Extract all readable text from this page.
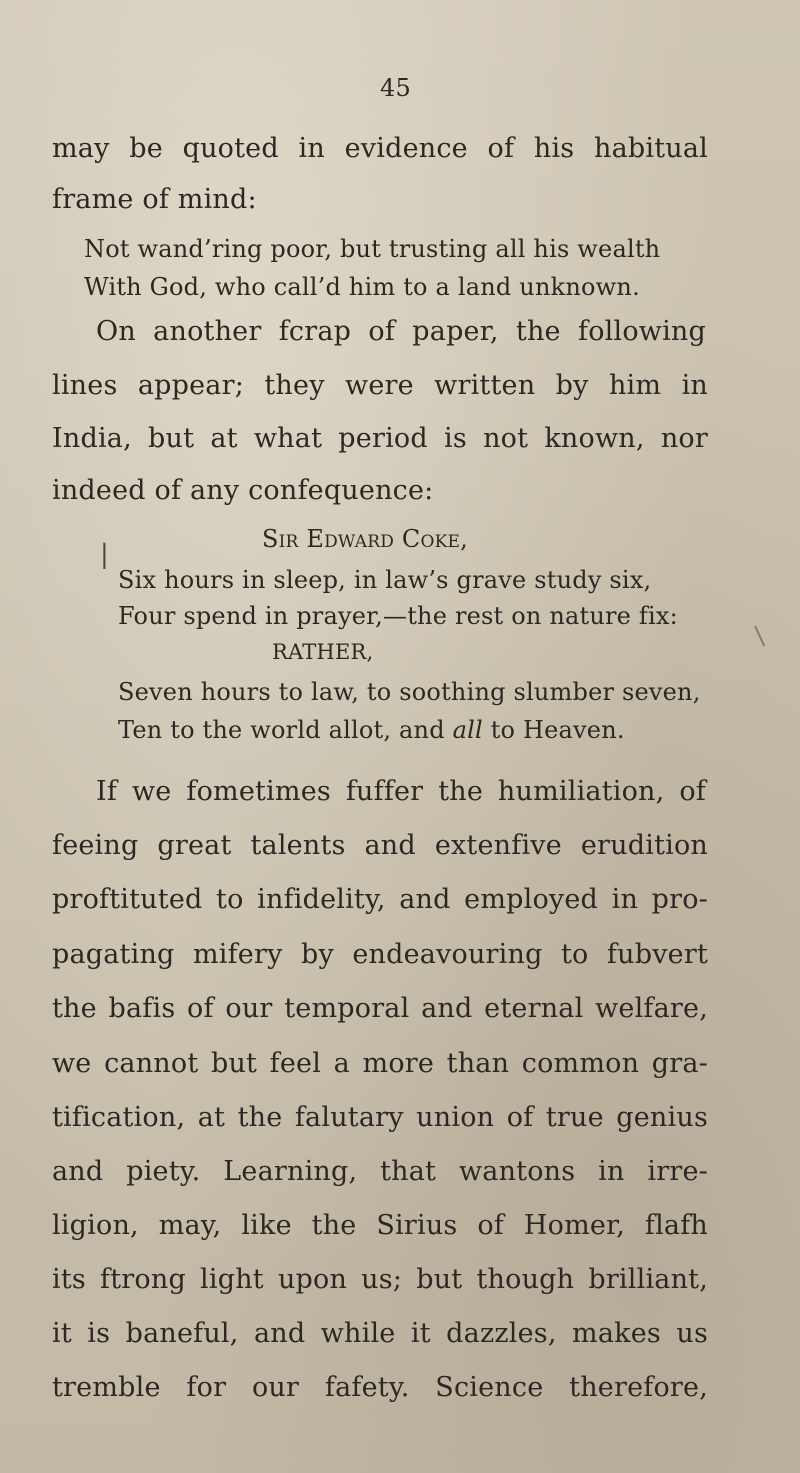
45
may be quoted in evidence of his habitual
frame of mind:
Not wand’ring poor, but trusting all his wealth
With God, who call’d him to a land unknown.
On another fcrap of paper, the following
lines appear; they were written by him in
India, but at what period is not known, nor
indeed of any confequence:
Sir Edward Coke,
Six hours in sleep, in law’s grave study six,
|
Four spend in prayer,—the rest on nature fix:
RATHER,
Seven hours to law, to soothing slumber seven,
Ten to the world allot, and all to Heaven.
If we fometimes fuffer the humiliation, of
feeing great talents and extenfive erudition
proftituted to infidelity, and employed in pro-
pagating mifery by endeavouring to fubvert
the bafis of our temporal and eternal welfare,
we cannot but feel a more than common gra-
tification, at the falutary union of true genius
and piety. Learning, that wantons in irre-
ligion, may, like the Sirius of Homer, flafh
its ftrong light upon us; but though brilliant,
it is baneful, and while it dazzles, makes us
tremble for our fafety. Science therefore,
